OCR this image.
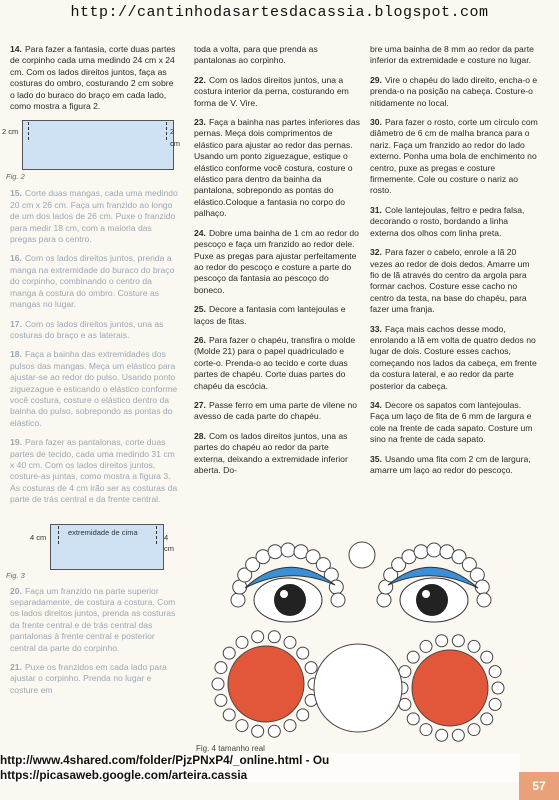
http://cantinhodasartesdacassia.blogspot.com

14. Para fazer a fantasia, corte duas partes de corpinho cada uma medindo 24 cm x 24 cm. Com os lados direitos juntos, faça as costuras do ombro, costurando 2 cm sobre o lado do buraco do braço em cada lado, como mostra a figura 2.

2 cm	2 cm
Fig. 2

15. Corte duas mangas, cada uma medindo 20 cm x 26 cm. Faça um franzido ao longo de um dos lados de 26 cm. Puxe o franzido para medir 18 cm, com a maioria das pregas para o centro.

16. Com os lados direitos juntos, prenda a manga na extremidade do buraco do braço do corpinho, combinando o centro da manga à costura do ombro. Costure as mangas no lugar.

17. Com os lados direitos juntos, una as costuras do braço e as laterais.

18. Faça a bainha das extremidades dos pulsos das mangas. Meça um elástico para ajustar-se ao redor do pulso. Usando ponto ziguezague e esticando o elástico conforme você costura, costure o elástico dentro da bainha do pulso, sobrepondo as pontas do elástico.

19. Para fazer as pantalonas, corte duas partes de tecido, cada uma medindo 31 cm x 40 cm. Com os lados direitos juntos, costure-as juntas, como mostra a figura 3. As costuras de 4 cm irão ser as costuras da parte de trás central e da frente central.

extremidade de cima
4 cm	4 cm
Fig. 3

20. Faça um franzido na parte superior separadamente, de costura a costura. Com os lados direitos juntos, prenda as costuras da frente central e de trás central das pantalonas à frente central e posterior central da parte do corpinho.

21. Puxe os franzidos em cada lado para ajustar o corpinho. Prenda no lugar e costure em

toda a volta, para que prenda as pantalonas ao corpinho.

22. Com os lados direitos juntos, una a costura interior da perna, costurando em forma de V. Vire.

23. Faça a bainha nas partes inferiores das pernas. Meça dois comprimentos de elástico para ajustar ao redor das pernas. Usando um ponto ziguezague, estique o elástico conforme você costura, costure o elástico para dentro da bainha da pantalona, sobrepondo as pontas do elástico.Coloque a fantasia no corpo do palhaço.

24. Dobre uma bainha de 1 cm ao redor do pescoço e faça um franzido ao redor dele. Puxe as pregas para ajustar perfeitamente ao redor do pescoço e costure a parte do pescoço da fantasia ao pescoço do boneco.

25. Decore a fantasia com lantejoulas e laços de fitas.

26. Para fazer o chapéu, transfira o molde (Molde 21) para o papel quadriculado e corte-o. Prenda-o ao tecido e corte duas partes de chapéu. Corte duas partes do chapéu da escócia.

27. Passe ferro em uma parte de vilene no avesso de cada parte do chapéu.

28. Com os lados direitos juntos, una as partes do chapéu ao redor da parte externa, deixando a extremidade inferior aberta. Do-

bre uma bainha de 8 mm ao redor da parte inferior da extremidade e costure no lugar.

29. Vire o chapéu do lado direito, encha-o e prenda-o na posição na cabeça. Costure-o nitidamente no local.

30. Para fazer o rosto, corte um círculo com diâmetro de 6 cm de malha branca para o nariz. Faça um franzido ao redor do lado externo. Ponha uma bola de enchimento no centro, puxe as pregas e costure firmemente. Cole ou costure o nariz ao rosto.

31. Cole lantejoulas, feltro e pedra falsa, decorando o rosto, bordando a linha externa dos olhos com linha preta.

32. Para fazer o cabelo, enrole a lã 20 vezes ao redor de dois dedos. Amarre um fio de lã através do centro da argola para formar cachos. Costure esse cacho no centro da testa, na base do chapéu, para fazer uma franja.

33. Faça mais cachos desse modo, enrolando a lã em volta de quatro dedos no lugar de dois. Costure esses cachos, começando nos lados da cabeça, em frente da costura lateral, e ao redor da parte posterior da cabeça.

34. Decore os sapatos com lantejoulas. Faça um laço de fita de 6 mm de largura e cole na frente de cada sapato. Costure um sino na frente de cada sapato.

35. Usando uma fita com 2 cm de largura, amarre um laço ao redor do pescoço.

Fig. 4 tamanho real
http://www.4shared.com/folder/PjzPNxP4/_online.html - Ou https://picasaweb.google.com/arteira.cassia
57
